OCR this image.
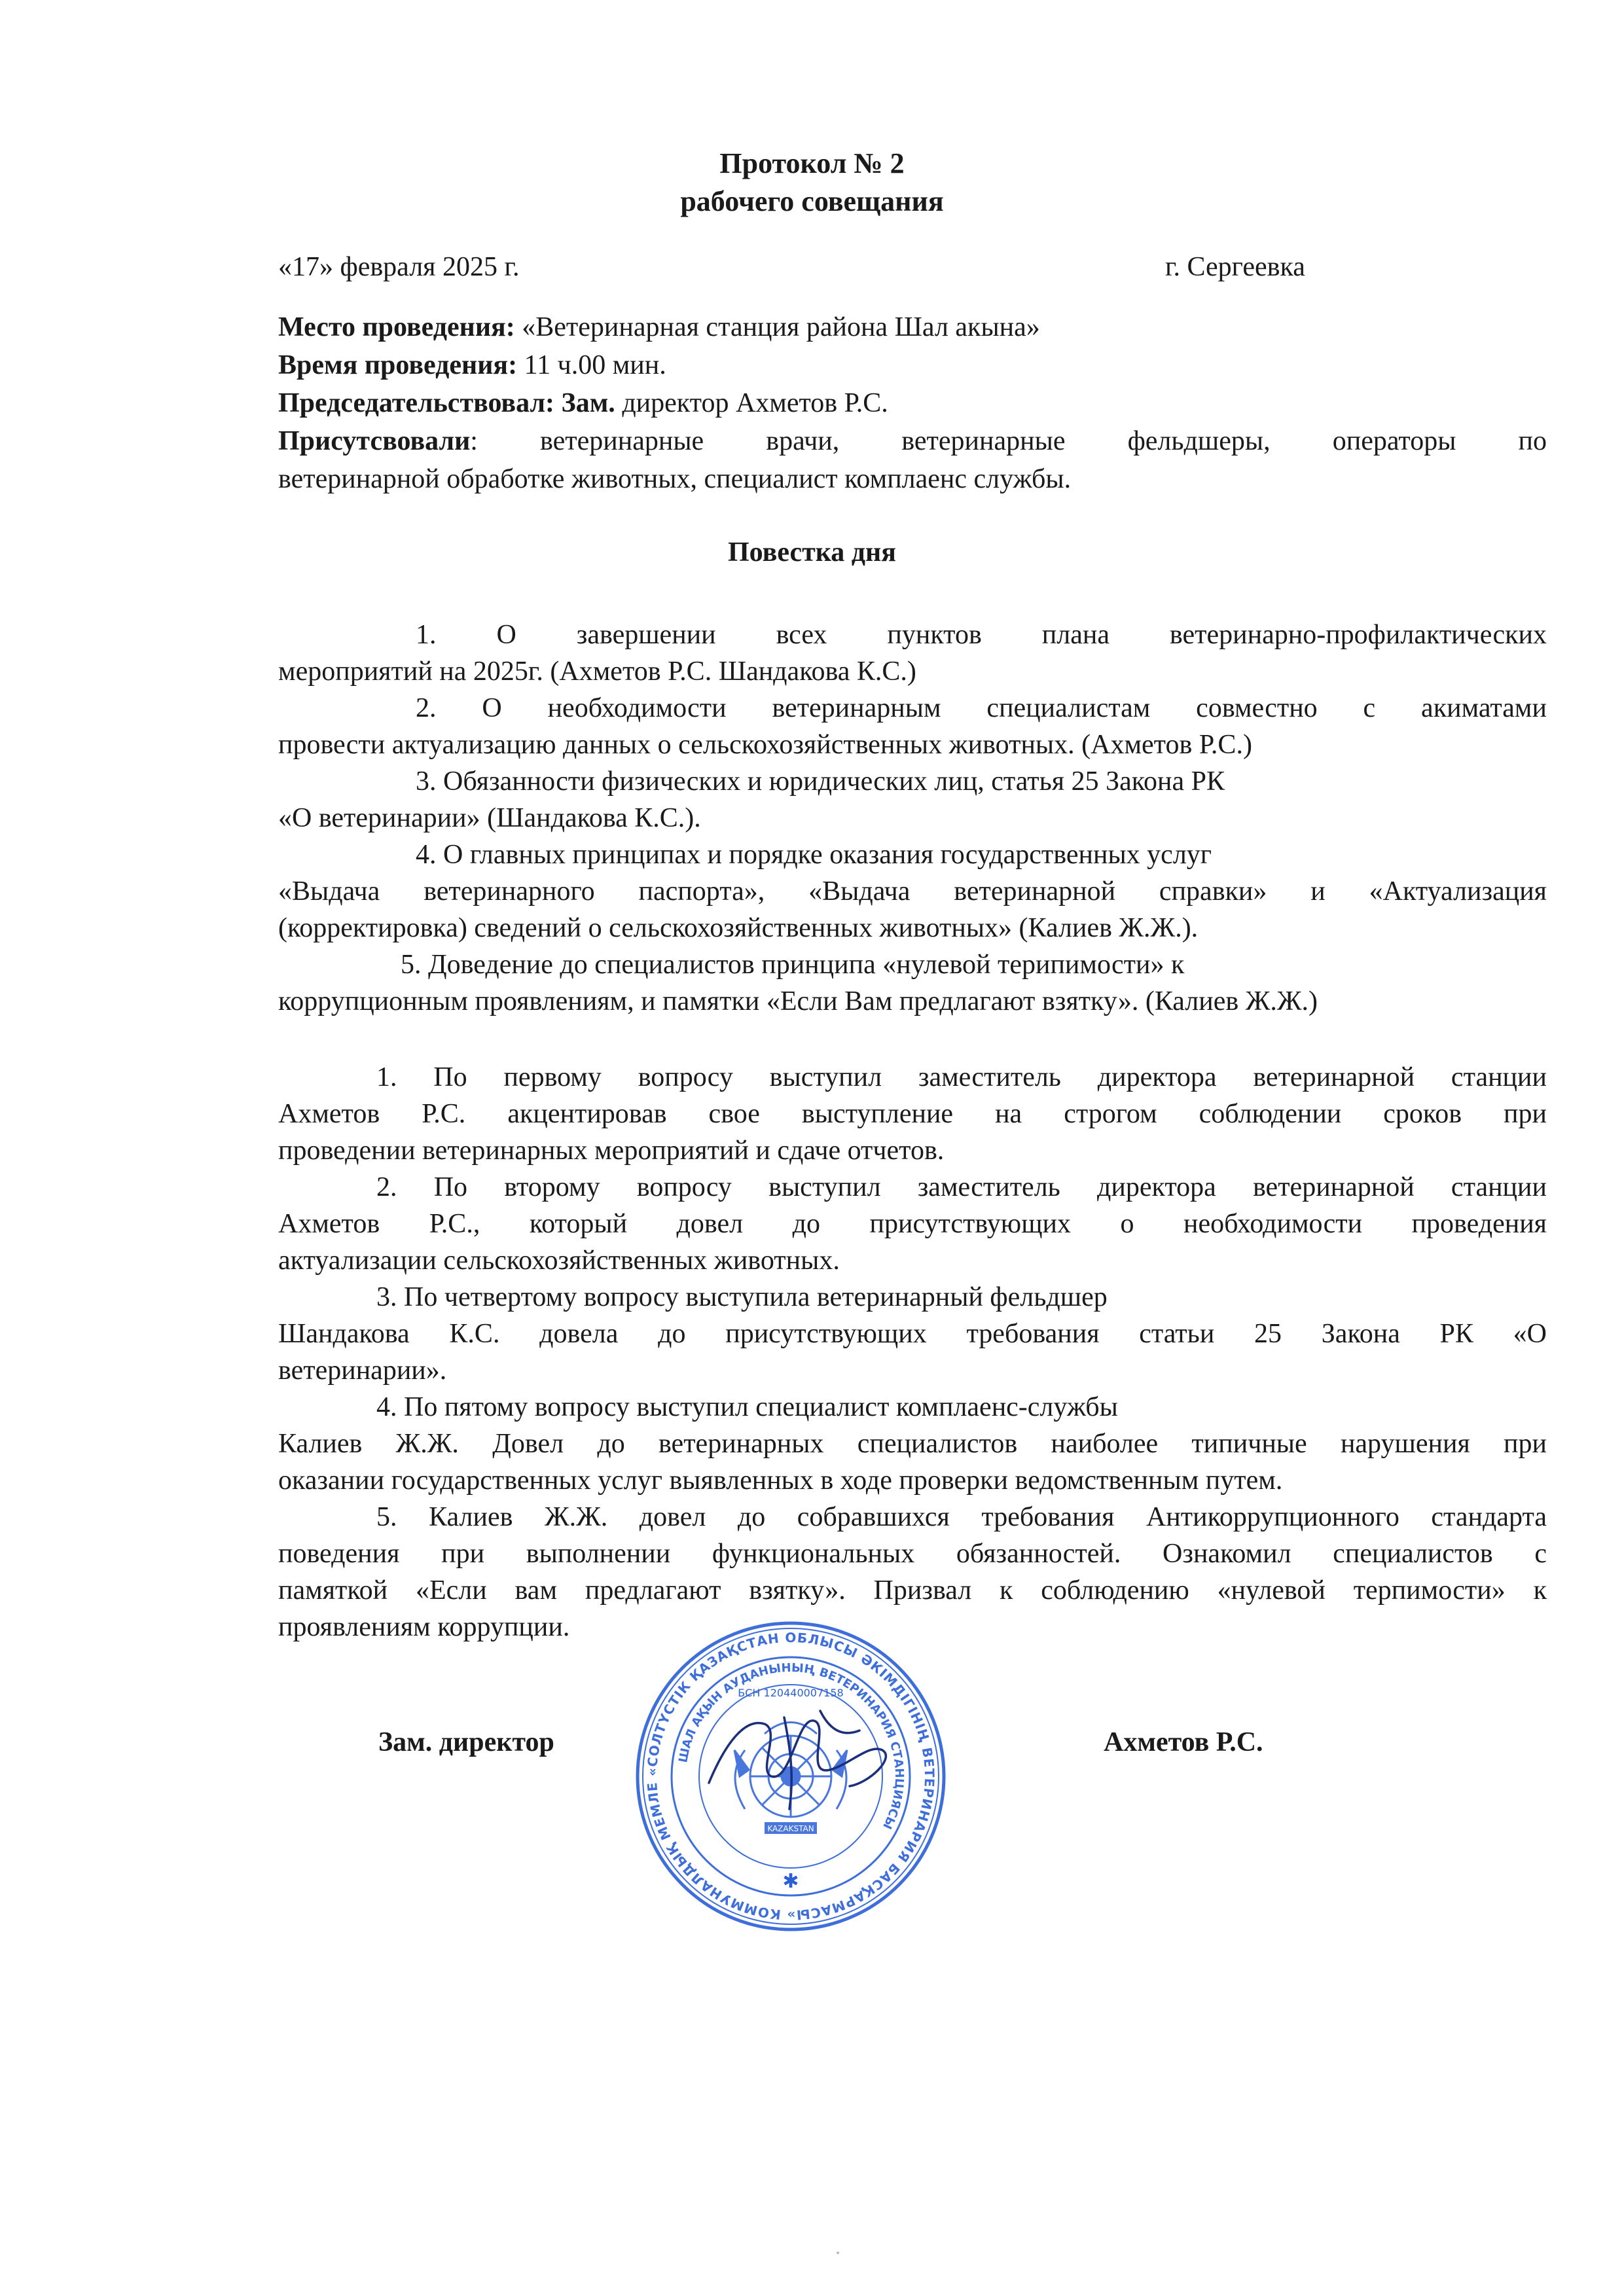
Протокол № 2
рабочего совещания
«17» февраля 2025 г.	г. Сергеевка
Место проведения: «Ветеринарная станция района Шал акына»
Время проведения: 11 ч.00 мин.
Председательствовал: Зам. директор Ахметов Р.С.
Присутсвовали: ветеринарные врачи, ветеринарные фельдшеры, операторы по
ветеринарной обработке животных, специалист комплаенс службы.
Повестка дня
1. О завершении всех пунктов плана ветеринарно-профилактических
мероприятий на 2025г. (Ахметов Р.С. Шандакова К.С.)
2. О необходимости ветеринарным специалистам совместно с акиматами
провести актуализацию данных о сельскохозяйственных животных. (Ахметов Р.С.)
3. Обязанности физических и юридических лиц, статья 25 Закона РК
«О ветеринарии» (Шандакова К.С.).
4. О главных принципах и порядке оказания государственных услуг
«Выдача ветеринарного паспорта», «Выдача ветеринарной справки» и «Актуализация
(корректировка) сведений о сельскохозяйственных животных» (Калиев Ж.Ж.).
5. Доведение до специалистов принципа «нулевой терипимости» к
коррупционным проявлениям, и памятки «Если Вам предлагают взятку». (Калиев Ж.Ж.)
1. По первому вопросу выступил заместитель директора ветеринарной станции
Ахметов Р.С. акцентировав свое выступление на строгом соблюдении сроков при
проведении ветеринарных мероприятий и сдаче отчетов.
2. По второму вопросу выступил заместитель директора ветеринарной станции
Ахметов Р.С., который довел до присутствующих о необходимости проведения
актуализации сельскохозяйственных животных.
3. По четвертому вопросу выступила ветеринарный фельдшер
Шандакова К.С. довела до присутствующих требования статьи 25 Закона РК «О
ветеринарии».
4. По пятому вопросу выступил специалист комплаенс-службы
Калиев Ж.Ж. Довел до ветеринарных специалистов наиболее типичные нарушения при
оказании государственных услуг выявленных в ходе проверки ведомственным путем.
5. Калиев Ж.Ж. довел до собравшихся требования Антикоррупционного стандарта
поведения при выполнении функциональных обязанностей. Ознакомил специалистов с
памяткой «Если вам предлагают взятку». Призвал к соблюдению «нулевой терпимости» к
проявлениям коррупции.
Зам. директор	Ахметов Р.С.
«СОЛТҮСТІК ҚАЗАҚСТАН ОБЛЫСЫ ӘКІМДІГІНІҢ ВЕТЕРИНАРИЯ БАСҚАРМАСЫ» КОММУНАЛДЫҚ МЕМЛЕ
ШАЛ АҚЫН АУДАНЫНЫҢ ВЕТЕРИНАРИЯ СТАНЦИЯСЫ
БСН 120440007158
KAZAKSTAN
✱
